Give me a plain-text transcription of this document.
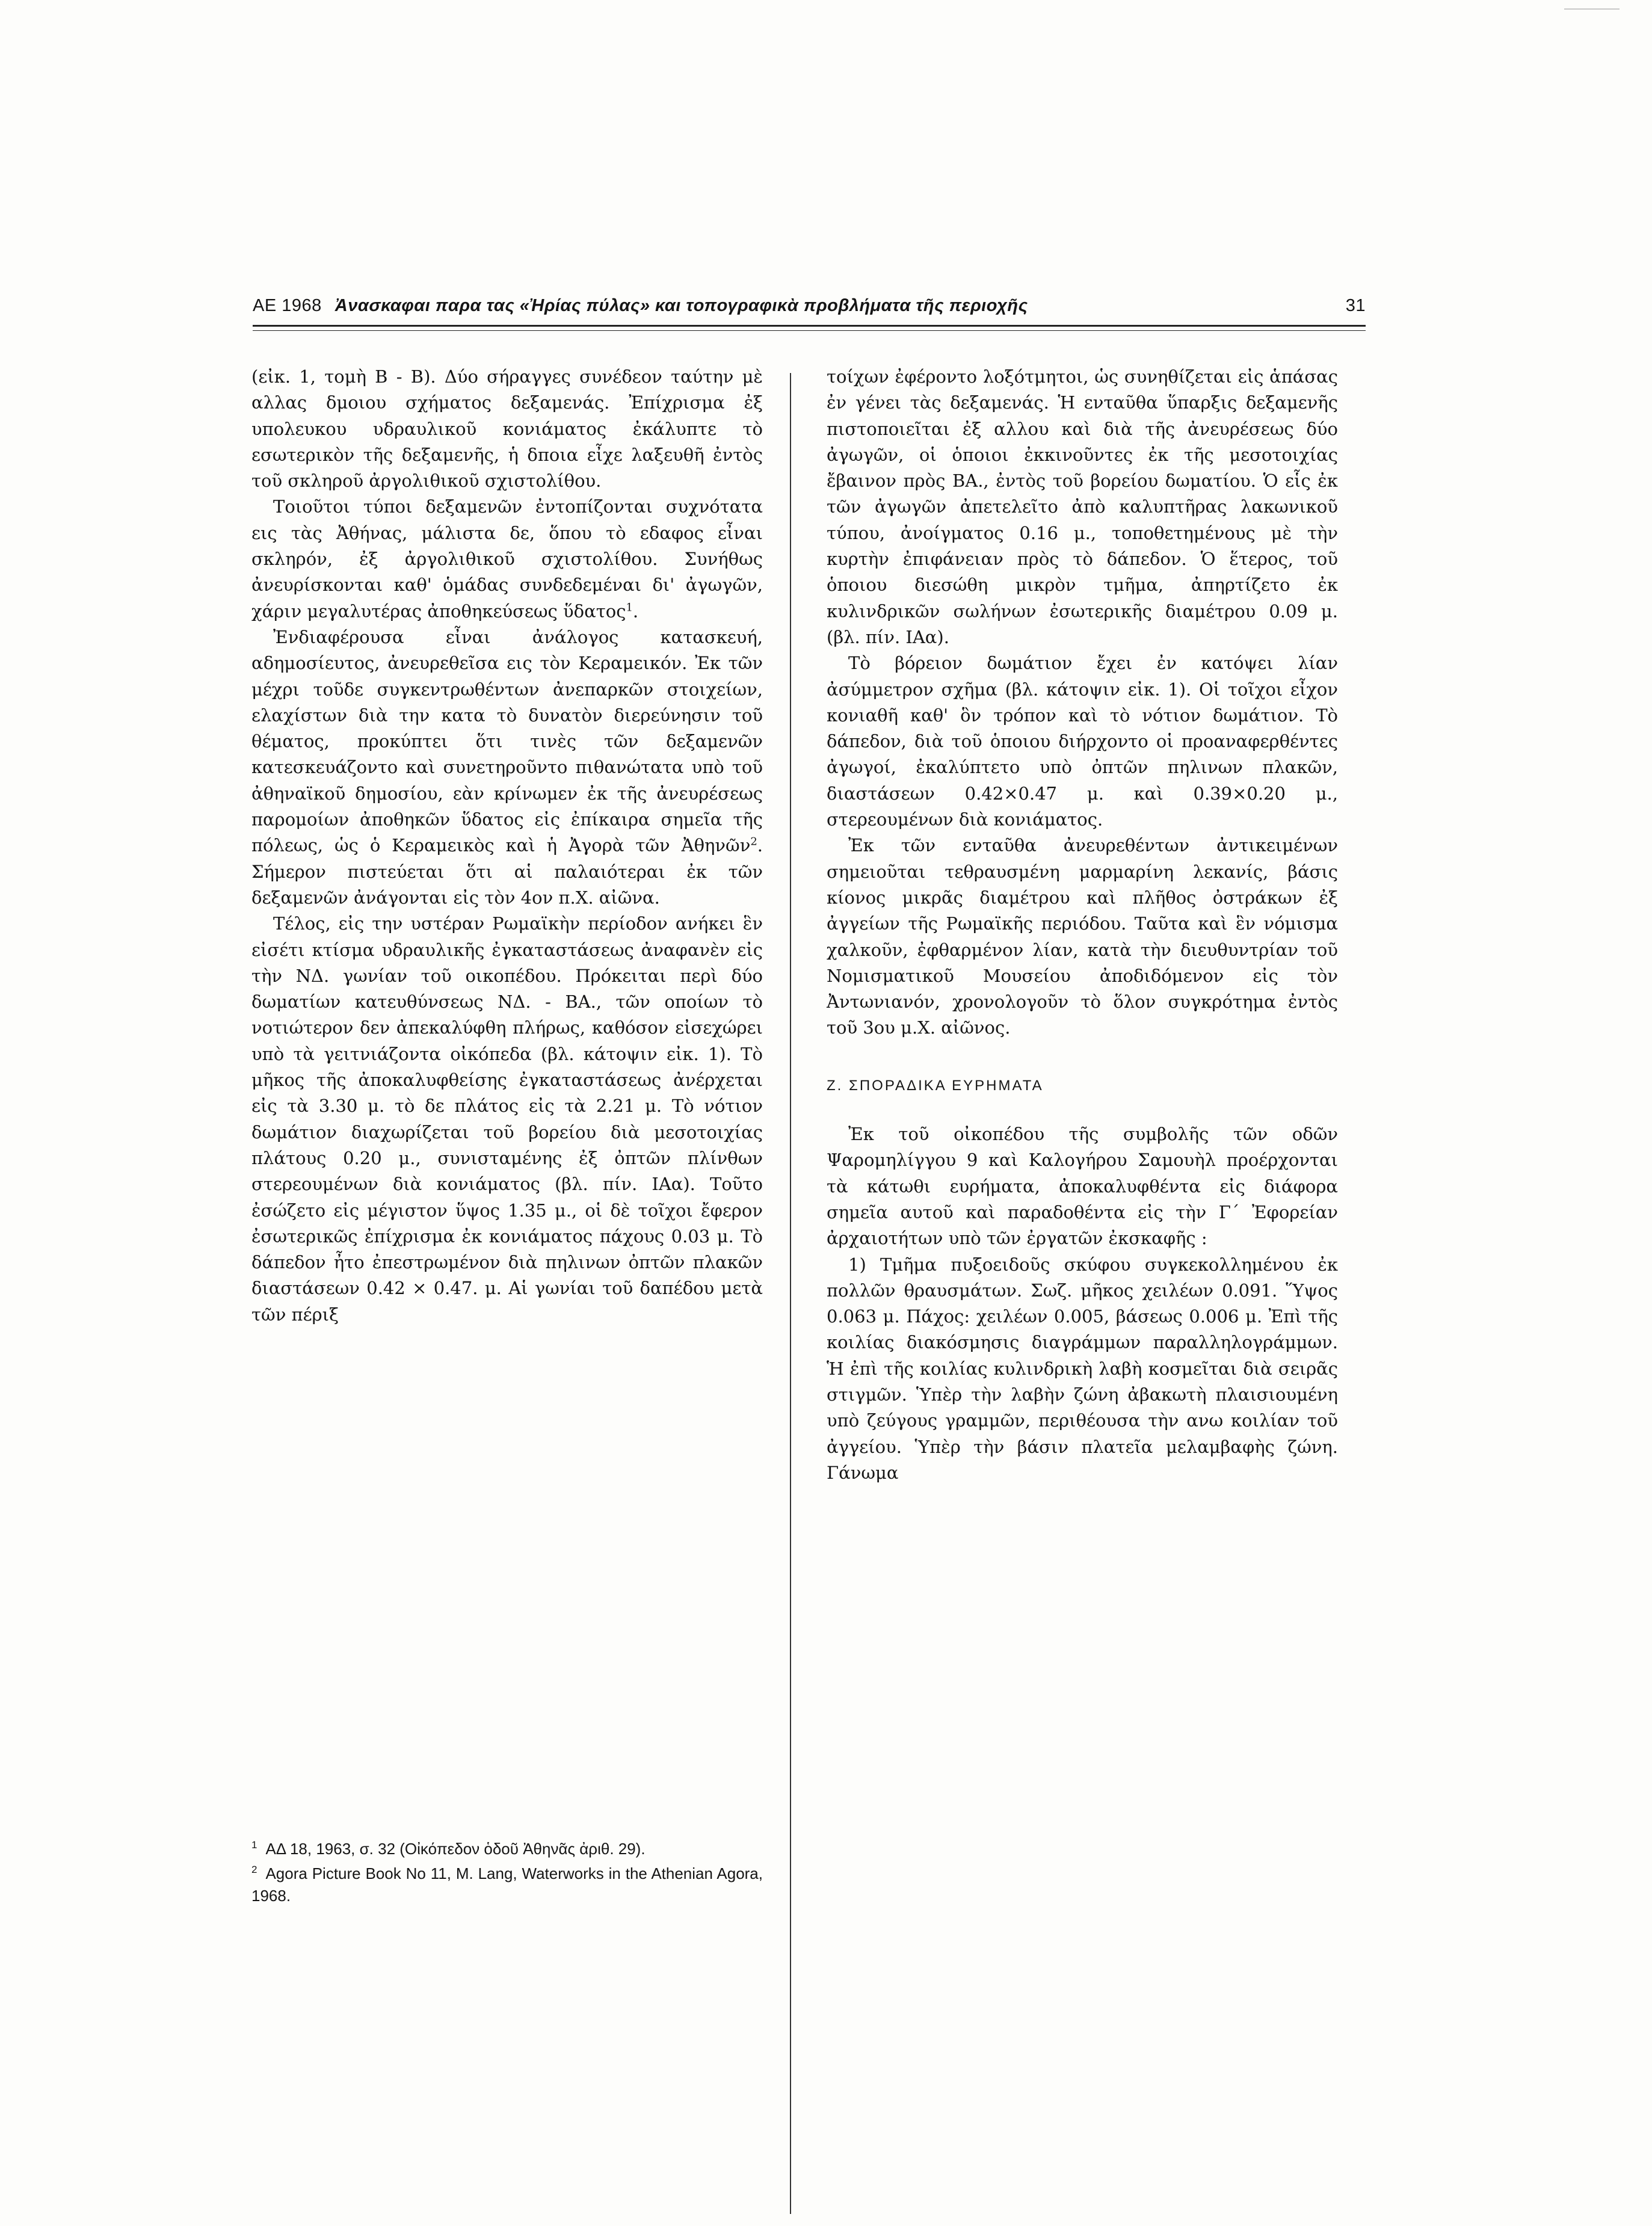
ΑΕ 1968 Ἀνασκαφαι παρα τας «Ἠρίας πύλας» και τοπογραφικὰ προβλήματα τῆς περιοχῆς	31

(εἰκ. 1, τομὴ Β - Β). Δύο σήραγγες συνέδεον ταύτην μὲ αλλας δμοιου σχήματος δεξαμενάς. Ἐπίχρισμα ἐξ υπολευκου υδραυλικοῦ κονιάματος ἐκάλυπτε τὸ εσωτερικὸν τῆς δεξαμενῆς, ἡ δποια εἶχε λαξευθῆ ἐντὸς τοῦ σκληροῦ ἀργολιθικοῦ σχιστολίθου.

Τοιοῦτοι τύποι δεξαμενῶν ἐντοπίζονται συχνότατα εις τὰς Ἀθήνας, μάλιστα δε, ὅπου τὸ εδαφος εἶναι σκληρόν, ἐξ ἀργολιθικοῦ σχιστολίθου. Συνήθως ἀνευρίσκονται καθ' ὁμάδας συνδεδεμέναι δι' ἀγωγῶν, χάριν μεγαλυτέρας ἀποθηκεύσεως ὕδατος$^1$.

Ἐνδιαφέρουσα εἶναι ἀνάλογος κατασκευή, αδημοσίευτος, ἀνευρεθεῖσα εις τὸν Κεραμεικόν. Ἐκ τῶν μέχρι τοῦδε συγκεντρωθέντων ἀνεπαρκῶν στοιχείων, ελαχίστων διὰ την κατα τὸ δυνατὸν διερεύνησιν τοῦ θέματος, προκύπτει ὅτι τινὲς τῶν δεξαμενῶν κατεσκευάζοντο καὶ συνετηροῦντο πιθανώτατα υπὸ τοῦ ἀθηναϊκοῦ δημοσίου, εὰν κρίνωμεν ἐκ τῆς ἀνευρέσεως παρομοίων ἀποθηκῶν ὕδατος εἰς ἐπίκαιρα σημεῖα τῆς πόλεως, ὡς ὁ Κεραμεικὸς καὶ ἡ Ἀγορὰ τῶν Ἀθηνῶν$^2$. Σήμερον πιστεύεται ὅτι αἱ παλαιότεραι ἐκ τῶν δεξαμενῶν ἀνάγονται εἰς τὸν 4ον π.Χ. αἰῶνα.

Τέλος, εἰς την υστέραν Ρωμαϊκὴν περίοδον ανήκει ἓν εἰσέτι κτίσμα υδραυλικῆς ἐγκαταστάσεως ἀναφανὲν εἰς τὴν ΝΔ. γωνίαν τοῦ οικοπέδου. Πρόκειται περὶ δύο δωματίων κατευθύνσεως ΝΔ. - ΒΑ., τῶν οποίων τὸ νοτιώτερον δεν ἀπεκαλύφθη πλήρως, καθόσον εἰσεχώρει υπὸ τὰ γειτνιάζοντα οἰκόπεδα (βλ. κάτοψιν εἰκ. 1). Τὸ μῆκος τῆς ἀποκαλυφθείσης ἐγκαταστάσεως ἀνέρχεται εἰς τὰ 3.30 μ. τὸ δε πλάτος εἰς τὰ 2.21 μ. Τὸ νότιον δωμάτιον διαχωρίζεται τοῦ βορείου διὰ μεσοτοιχίας πλάτους 0.20 μ., συνισταμένης ἐξ ὀπτῶν πλίνθων στερεουμένων διὰ κονιάματος (βλ. πίν. ΙΑα). Τοῦτο ἐσώζετο εἰς μέγιστον ὕψος 1.35 μ., οἱ δὲ τοῖχοι ἔφερον ἐσωτερικῶς ἐπίχρισμα ἐκ κονιάματος πάχους 0.03 μ. Τὸ δάπεδον ἦτο ἐπεστρωμένον διὰ πηλινων ὀπτῶν πλακῶν διαστάσεων 0.42 × 0.47. μ. Αἱ γωνίαι τοῦ δαπέδου μετὰ τῶν πέριξ

τοίχων ἐφέροντο λοξότμητοι, ὡς συνηθίζεται εἰς ἁπάσας ἐν γένει τὰς δεξαμενάς. Ἡ ενταῦθα ὕπαρξις δεξαμενῆς πιστοποιεῖται ἐξ αλλου καὶ διὰ τῆς ἀνευρέσεως δύο ἀγωγῶν, οἱ ὁποιοι ἐκκινοῦντες ἐκ τῆς μεσοτοιχίας ἔβαινον πρὸς ΒΑ., ἐντὸς τοῦ βορείου δωματίου. Ὁ εἷς ἐκ τῶν ἀγωγῶν ἀπετελεῖτο ἀπὸ καλυπτῆρας λακωνικοῦ τύπου, ἀνοίγματος 0.16 μ., τοποθετημένους μὲ τὴν κυρτὴν ἐπιφάνειαν πρὸς τὸ δάπεδον. Ὁ ἕτερος, τοῦ ὁποιου διεσώθη μικρὸν τμῆμα, ἀπηρτίζετο ἐκ κυλινδρικῶν σωλήνων ἐσωτερικῆς διαμέτρου 0.09 μ. (βλ. πίν. ΙΑα).

Τὸ βόρειον δωμάτιον ἔχει ἐν κατόψει λίαν ἀσύμμετρον σχῆμα (βλ. κάτοψιν εἰκ. 1). Οἱ τοῖχοι εἶχον κονιαθῆ καθ' ὃν τρόπον καὶ τὸ νότιον δωμάτιον. Τὸ δάπεδον, διὰ τοῦ ὁποιου διήρχοντο οἱ προαναφερθέντες ἀγωγοί, ἐκαλύπτετο υπὸ ὀπτῶν πηλινων πλακῶν, διαστάσεων 0.42×0.47 μ. καὶ 0.39×0.20 μ., στερεουμένων διὰ κονιάματος.

Ἐκ τῶν ενταῦθα ἀνευρεθέντων ἀντικειμένων σημειοῦται τεθραυσμένη μαρμαρίνη λεκανίς, βάσις κίονος μικρᾶς διαμέτρου καὶ πλῆθος ὀστράκων ἐξ ἀγγείων τῆς Ρωμαϊκῆς περιόδου. Ταῦτα καὶ ἓν νόμισμα χαλκοῦν, ἐφθαρμένον λίαν, κατὰ τὴν διευθυντρίαν τοῦ Νομισματικοῦ Μουσείου ἀποδιδόμενον εἰς τὸν Ἀντωνιανόν, χρονολογοῦν τὸ ὅλον συγκρότημα ἐντὸς τοῦ 3ου μ.Χ. αἰῶνος.

Ζ. ΣΠΟΡΑΔΙΚΑ ΕΥΡΗΜΑΤΑ

Ἐκ τοῦ οἰκοπέδου τῆς συμβολῆς τῶν οδῶν Ψαρομηλίγγου 9 καὶ Καλογήρου Σαμουὴλ προέρχονται τὰ κάτωθι ευρήματα, ἀποκαλυφθέντα εἰς διάφορα σημεῖα αυτοῦ καὶ παραδοθέντα εἰς τὴν Γ΄ Ἐφορείαν ἀρχαιοτήτων υπὸ τῶν ἐργατῶν ἐκσκαφῆς :

1) Τμῆμα πυξοειδοῦς σκύφου συγκεκολλημένου ἐκ πολλῶν θραυσμάτων. Σωζ. μῆκος χειλέων 0.091. Ὕψος 0.063 μ. Πάχος: χειλέων 0.005, βάσεως 0.006 μ. Ἐπὶ τῆς κοιλίας διακόσμησις διαγράμμων παραλληλογράμμων. Ἡ ἐπὶ τῆς κοιλίας κυλινδρικὴ λαβὴ κοσμεῖται διὰ σειρᾶς στιγμῶν. Ὑπὲρ τὴν λαβὴν ζώνη ἀβακωτὴ πλαισιουμένη υπὸ ζεύγους γραμμῶν, περιθέουσα τὴν ανω κοιλίαν τοῦ ἀγγείου. Ὑπὲρ τὴν βάσιν πλατεῖα μελαμβαφὴς ζώνη. Γάνωμα

$^1$ ΑΔ 18, 1963, σ. 32 (Οἰκόπεδον ὁδοῦ Ἀθηνᾶς ἀριθ. 29).

$^2$ Agora Picture Book No 11, M. Lang, Waterworks in the Athenian Agora, 1968.
